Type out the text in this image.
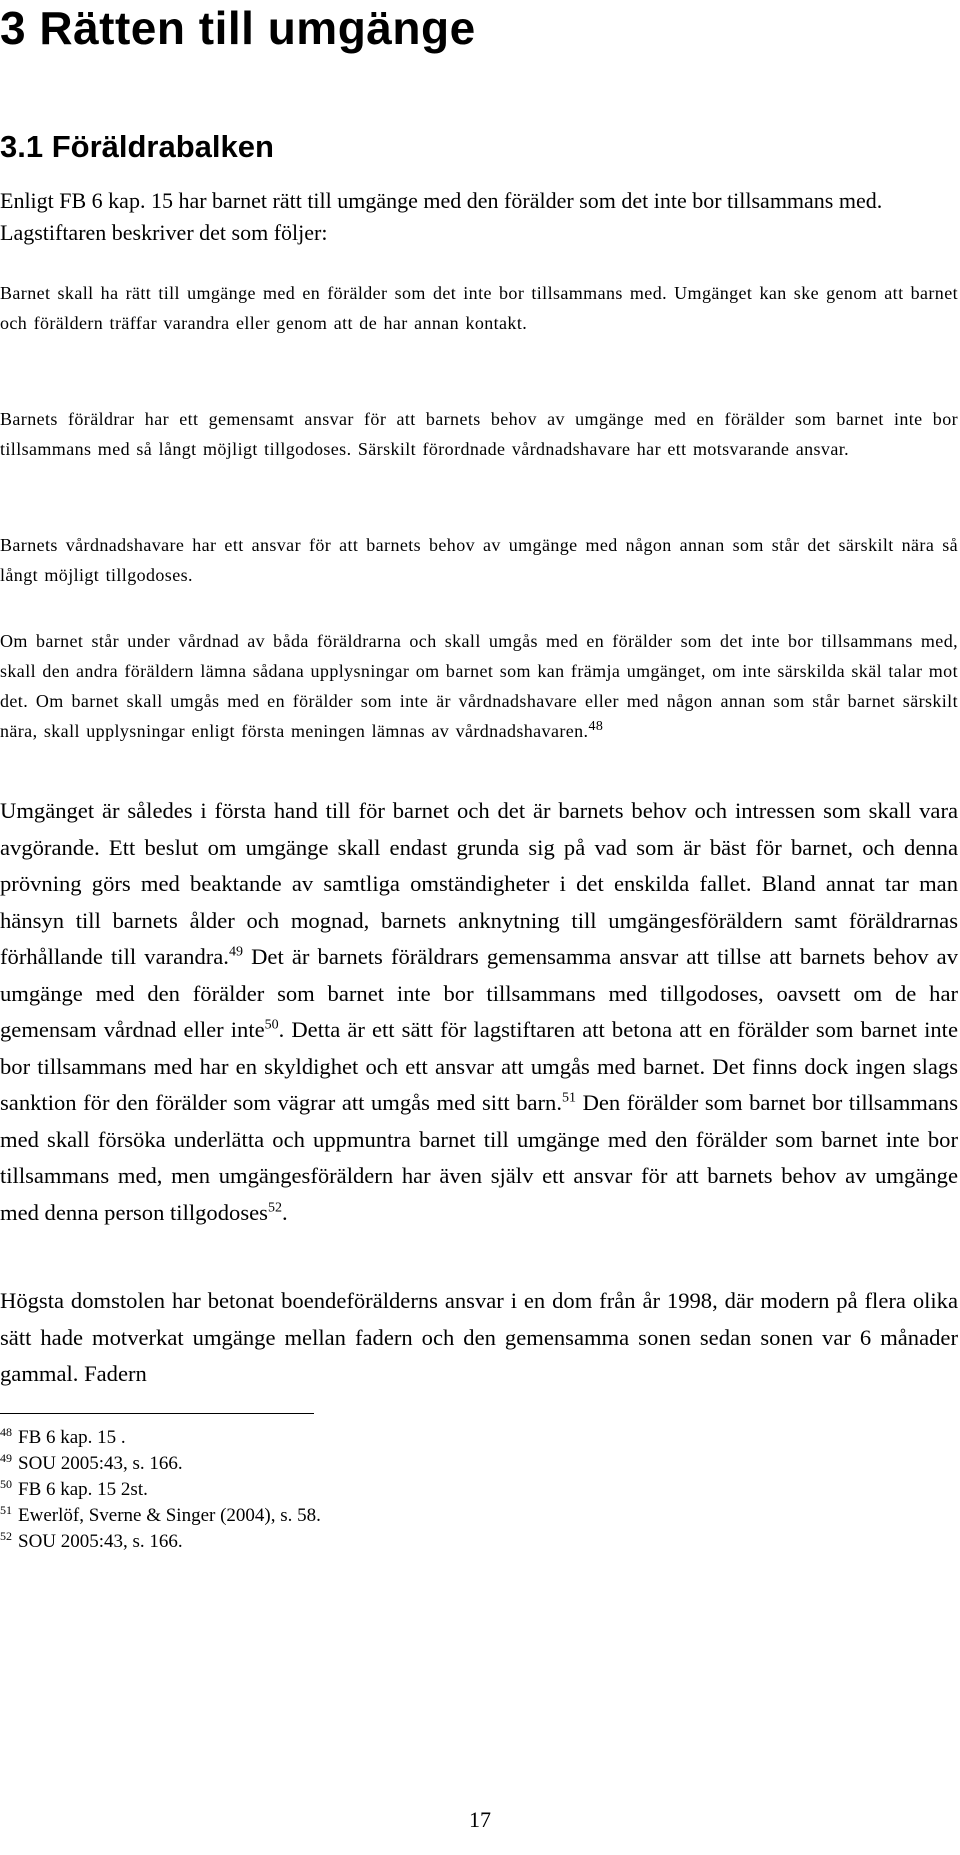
3 Rätten till umgänge
3.1 Föräldrabalken

Enligt FB 6 kap. 15 har barnet rätt till umgänge med den förälder som det inte bor tillsammans med. Lagstiftaren beskriver det som följer:

Barnet skall ha rätt till umgänge med en förälder som det inte bor tillsammans med. Umgänget kan ske genom att barnet och föräldern träffar varandra eller genom att de har annan kontakt.

Barnets föräldrar har ett gemensamt ansvar för att barnets behov av umgänge med en förälder som barnet inte bor tillsammans med så långt möjligt tillgodoses. Särskilt förordnade vårdnadshavare har ett motsvarande ansvar.

Barnets vårdnadshavare har ett ansvar för att barnets behov av umgänge med någon annan som står det särskilt nära så långt möjligt tillgodoses.

Om barnet står under vårdnad av båda föräldrarna och skall umgås med en förälder som det inte bor tillsammans med, skall den andra föräldern lämna sådana upplysningar om barnet som kan främja umgänget, om inte särskilda skäl talar mot det. Om barnet skall umgås med en förälder som inte är vårdnadshavare eller med någon annan som står barnet särskilt nära, skall upplysningar enligt första meningen lämnas av vårdnadshavaren.$^{48}$

Umgänget är således i första hand till för barnet och det är barnets behov och intressen som skall vara avgörande. Ett beslut om umgänge skall endast grunda sig på vad som är bäst för barnet, och denna prövning görs med beaktande av samtliga omständigheter i det enskilda fallet. Bland annat tar man hänsyn till barnets ålder och mognad, barnets anknytning till umgängesföräldern samt föräldrarnas förhållande till varandra.$^{49}$ Det är barnets föräldrars gemensamma ansvar att tillse att barnets behov av umgänge med den förälder som barnet inte bor tillsammans med tillgodoses, oavsett om de har gemensam vårdnad eller inte$^{50}$. Detta är ett sätt för lagstiftaren att betona att en förälder som barnet inte bor tillsammans med har en skyldighet och ett ansvar att umgås med barnet. Det finns dock ingen slags sanktion för den förälder som vägrar att umgås med sitt barn.$^{51}$ Den förälder som barnet bor tillsammans med skall försöka underlätta och uppmuntra barnet till umgänge med den förälder som barnet inte bor tillsammans med, men umgängesföräldern har även själv ett ansvar för att barnets behov av umgänge med denna person tillgodoses$^{52}$.

Högsta domstolen har betonat boendeförälderns ansvar i en dom från år 1998, där modern på flera olika sätt hade motverkat umgänge mellan fadern och den gemensamma sonen sedan sonen var 6 månader gammal. Fadern

$^{48}$ FB 6 kap. 15 .
$^{49}$ SOU 2005:43, s. 166.
$^{50}$ FB 6 kap. 15 2st.
$^{51}$ Ewerlöf, Sverne & Singer (2004), s. 58.
$^{52}$ SOU 2005:43, s. 166.
17
